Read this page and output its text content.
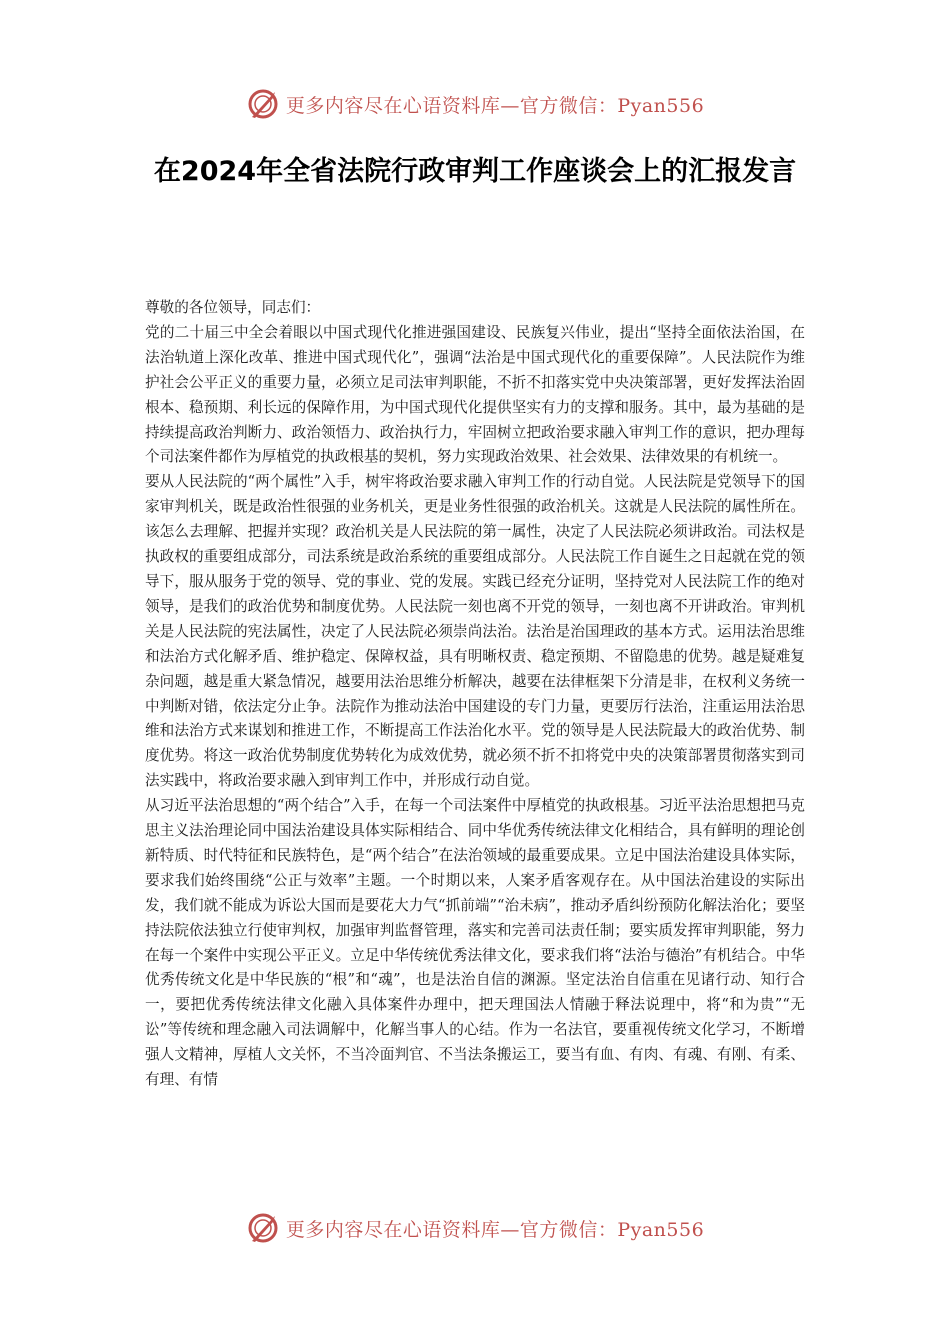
更多内容尽在心语资料库—官方微信：Pyan556
在2024年全省法院行政审判工作座谈会上的汇报发言

尊敬的各位领导，同志们：

党的二十届三中全会着眼以中国式现代化推进强国建设、民族复兴伟业，提出“坚持全面依法治国，在法治轨道上深化改革、推进中国式现代化”，强调“法治是中国式现代化的重要保障”。人民法院作为维护社会公平正义的重要力量，必须立足司法审判职能，不折不扣落实党中央决策部署，更好发挥法治固根本、稳预期、利长远的保障作用，为中国式现代化提供坚实有力的支撑和服务。其中，最为基础的是持续提高政治判断力、政治领悟力、政治执行力，牢固树立把政治要求融入审判工作的意识，把办理每个司法案件都作为厚植党的执政根基的契机，努力实现政治效果、社会效果、法律效果的有机统一。

要从人民法院的“两个属性”入手，树牢将政治要求融入审判工作的行动自觉。人民法院是党领导下的国家审判机关，既是政治性很强的业务机关，更是业务性很强的政治机关。这就是人民法院的属性所在。该怎么去理解、把握并实现？政治机关是人民法院的第一属性，决定了人民法院必须讲政治。司法权是执政权的重要组成部分，司法系统是政治系统的重要组成部分。人民法院工作自诞生之日起就在党的领导下，服从服务于党的领导、党的事业、党的发展。实践已经充分证明，坚持党对人民法院工作的绝对领导，是我们的政治优势和制度优势。人民法院一刻也离不开党的领导，一刻也离不开讲政治。审判机关是人民法院的宪法属性，决定了人民法院必须崇尚法治。法治是治国理政的基本方式。运用法治思维和法治方式化解矛盾、维护稳定、保障权益，具有明晰权责、稳定预期、不留隐患的优势。越是疑难复杂问题，越是重大紧急情况，越要用法治思维分析解决，越要在法律框架下分清是非，在权利义务统一中判断对错，依法定分止争。法院作为推动法治中国建设的专门力量，更要厉行法治，注重运用法治思维和法治方式来谋划和推进工作，不断提高工作法治化水平。党的领导是人民法院最大的政治优势、制度优势。将这一政治优势制度优势转化为成效优势，就必须不折不扣将党中央的决策部署贯彻落实到司法实践中，将政治要求融入到审判工作中，并形成行动自觉。

从习近平法治思想的“两个结合”入手，在每一个司法案件中厚植党的执政根基。习近平法治思想把马克思主义法治理论同中国法治建设具体实际相结合、同中华优秀传统法律文化相结合，具有鲜明的理论创新特质、时代特征和民族特色，是“两个结合”在法治领域的最重要成果。立足中国法治建设具体实际，要求我们始终围绕“公正与效率”主题。一个时期以来，人案矛盾客观存在。从中国法治建设的实际出发，我们就不能成为诉讼大国而是要花大力气“抓前端”“治未病”，推动矛盾纠纷预防化解法治化；要坚持法院依法独立行使审判权，加强审判监督管理，落实和完善司法责任制；要实质发挥审判职能，努力在每一个案件中实现公平正义。立足中华传统优秀法律文化，要求我们将“法治与德治”有机结合。中华优秀传统文化是中华民族的“根”和“魂”，也是法治自信的渊源。坚定法治自信重在见诸行动、知行合一，要把优秀传统法律文化融入具体案件办理中，把天理国法人情融于释法说理中，将“和为贵”“无讼”等传统和理念融入司法调解中，化解当事人的心结。作为一名法官，要重视传统文化学习，不断增强人文精神，厚植人文关怀，不当冷面判官、不当法条搬运工，要当有血、有肉、有魂、有刚、有柔、有理、有情

更多内容尽在心语资料库—官方微信：Pyan556
